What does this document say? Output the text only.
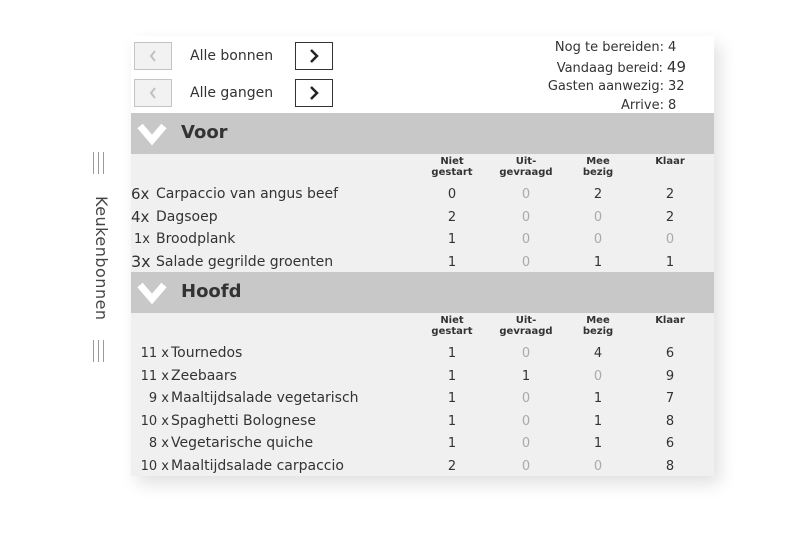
Keukenbonnen
Alle bonnen
Alle gangen
Nog te bereiden: 4
Vandaag bereid: 49
Gasten aanwezig: 32
Arrive: 8
Voor
Niet
gestart
Uit-
gevraagd
Mee
bezig
Klaar
6x Carpaccio van angus beef	0	0	2	2
4x Dagsoep	2	0	0	2
1x Broodplank	1	0	0	0
3x Salade gegrilde groenten	1	0	1	1
Hoofd
Niet
gestart
Uit-
gevraagd
Mee
bezig
Klaar
11 x Tournedos	1	0	4	6
11 x Zeebaars	1	1	0	9
9 x Maaltijdsalade vegetarisch	1	0	1	7
10 x Spaghetti Bolognese	1	0	1	8
8 x Vegetarische quiche	1	0	1	6
10 x Maaltijdsalade carpaccio	2	0	0	8
